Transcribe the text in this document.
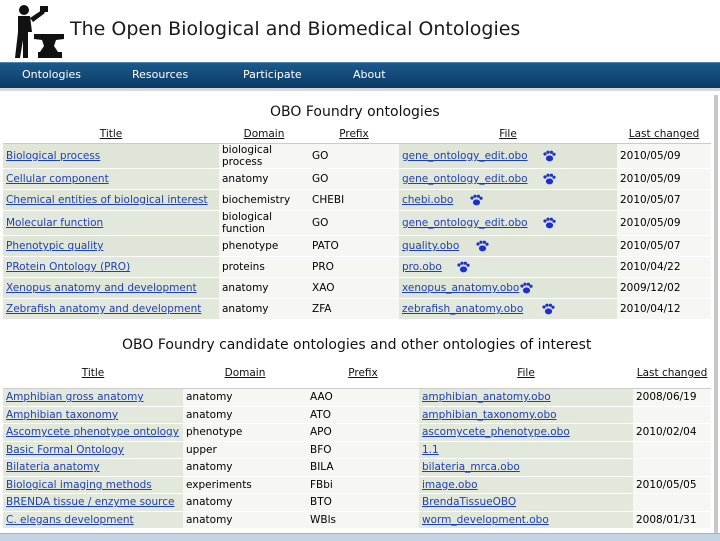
The Open Biological and Biomedical Ontologies
Ontologies	Resources	Participate	About
OBO Foundry ontologies
Title	Domain	Prefix	File	Last changed
Biological process	biological process	GO	gene_ontology_edit.obo	2010/05/09
Cellular component	anatomy	GO	gene_ontology_edit.obo	2010/05/09
Chemical entities of biological interest	biochemistry	CHEBI	chebi.obo	2010/05/07
Molecular function	biological function	GO	gene_ontology_edit.obo	2010/05/09
Phenotypic quality	phenotype	PATO	quality.obo	2010/05/07
PRotein Ontology (PRO)	proteins	PRO	pro.obo	2010/04/22
Xenopus anatomy and development	anatomy	XAO	xenopus_anatomy.obo	2009/12/02
Zebrafish anatomy and development	anatomy	ZFA	zebrafish_anatomy.obo	2010/04/12
OBO Foundry candidate ontologies and other ontologies of interest
Title	Domain	Prefix	File	Last changed
Amphibian gross anatomy	anatomy	AAO	amphibian_anatomy.obo	2008/06/19
Amphibian taxonomy	anatomy	ATO	amphibian_taxonomy.obo	
Ascomycete phenotype ontology	phenotype	APO	ascomycete_phenotype.obo	2010/02/04
Basic Formal Ontology	upper	BFO	1.1	
Bilateria anatomy	anatomy	BILA	bilateria_mrca.obo	
Biological imaging methods	experiments	FBbi	image.obo	2010/05/05
BRENDA tissue / enzyme source	anatomy	BTO	BrendaTissueOBO	
C. elegans development	anatomy	WBls	worm_development.obo	2008/01/31
